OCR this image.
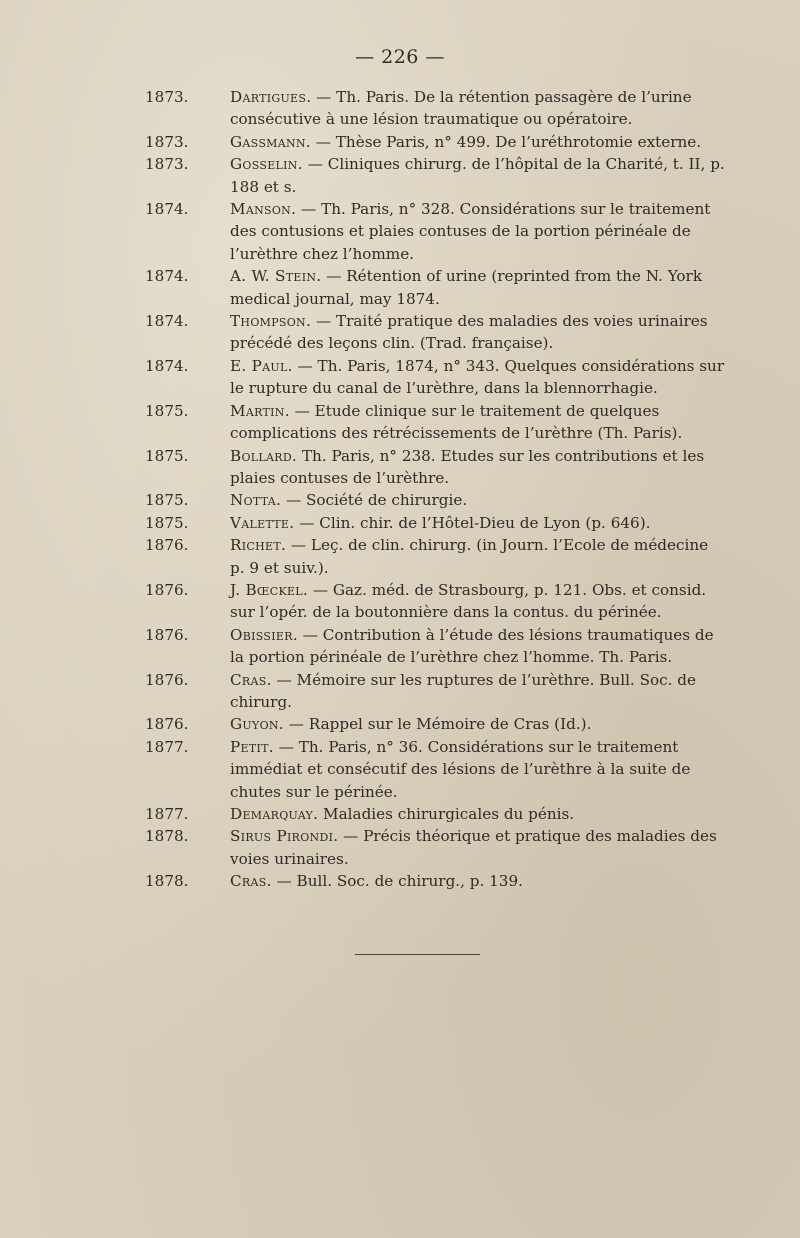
— 226 —
1873.	Dartigues. — Th. Paris. De la rétention passagère de l’urine consécutive à une lésion traumatique ou opératoire.
1873.	Gassmann. — Thèse Paris, n° 499. De l’uréthrotomie externe.
1873.	Gosselin. — Cliniques chirurg. de l’hôpital de la Charité, t. II, p. 188 et s.
1874.	Manson. — Th. Paris, n° 328. Considérations sur le traitement des contusions et plaies contuses de la portion périnéale de l’urèthre chez l’homme.
1874.	A. W. Stein. — Rétention of urine (reprinted from the N. York medical journal, may 1874.
1874.	Thompson. — Traité pratique des maladies des voies urinaires précédé des leçons clin. (Trad. française).
1874.	E. Paul. — Th. Paris, 1874, n° 343. Quelques considérations sur le rupture du canal de l’urèthre, dans la blennorrhagie.
1875.	Martin. — Etude clinique sur le traitement de quelques complications des rétrécissements de l’urèthre (Th. Paris).
1875.	Bollard. Th. Paris, n° 238. Etudes sur les contributions et les plaies contuses de l’urèthre.
1875.	Notta. — Société de chirurgie.
1875.	Valette. — Clin. chir. de l’Hôtel-Dieu de Lyon (p. 646).
1876.	Richet. — Leç. de clin. chirurg. (in Journ. l’Ecole de médecine p. 9 et suiv.).
1876.	J. Bœckel. — Gaz. méd. de Strasbourg, p. 121. Obs. et consid. sur l’opér. de la boutonnière dans la contus. du périnée.
1876.	Obissier. — Contribution à l’étude des lésions traumatiques de la portion périnéale de l’urèthre chez l’homme. Th. Paris.
1876.	Cras. — Mémoire sur les ruptures de l’urèthre. Bull. Soc. de chirurg.
1876.	Guyon. — Rappel sur le Mémoire de Cras (Id.).
1877.	Petit. — Th. Paris, n° 36. Considérations sur le traitement immédiat et consécutif des lésions de l’urèthre à la suite de chutes sur le périnée.
1877.	Demarquay. Maladies chirurgicales du pénis.
1878.	Sirus Pirondi. — Précis théorique et pratique des maladies des voies urinaires.
1878.	Cras. — Bull. Soc. de chirurg., p. 139.
